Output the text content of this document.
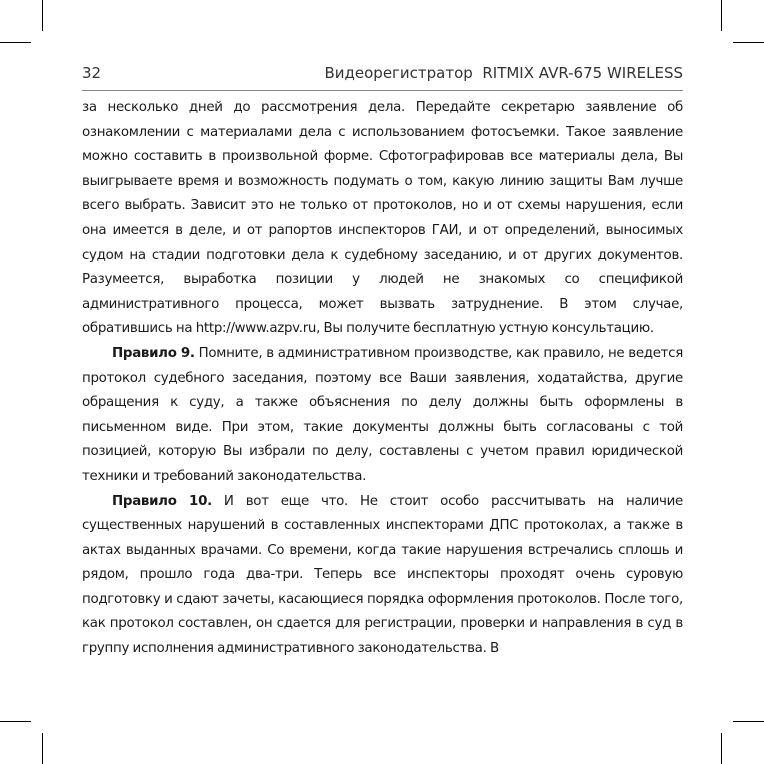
32	Видеорегистратор  RITMIX AVR-675 WIRELESS

за несколько дней до рассмотрения дела. Передайте секретарю заявление об ознакомлении с материалами дела с использованием фотосъемки. Такое заявление можно составить в произвольной форме. Сфотографировав все материалы дела, Вы выигрываете время и возможность подумать о том, какую линию защиты Вам лучше всего выбрать. Зависит это не только от протоколов, но и от схемы нарушения, если она имеется в деле, и от рапортов инспекторов ГАИ, и от определений, выносимых судом на стадии подготовки дела к судебному заседанию, и от других документов. Разумеется, выработка позиции у людей не знакомых со спецификой административного процесса, может вызвать затруднение. В этом случае, обратившись на http://www.azpv.ru, Вы получите бесплатную устную консультацию.

Правило 9. Помните, в административном производстве, как правило, не ведется протокол судебного заседания, поэтому все Ваши заявления, ходатайства, другие обращения к суду, а также объяснения по делу должны быть оформлены в письменном виде. При этом, такие документы должны быть согласованы с той позицией, которую Вы избрали по делу, составлены с учетом правил юридической техники и требований законодательства.

Правило 10. И вот еще что. Не стоит особо рассчитывать на наличие существенных нарушений в составленных инспекторами ДПС протоколах, а также в актах выданных врачами. Со времени, когда такие нарушения встречались сплошь и рядом, прошло года два-три. Теперь все инспекторы проходят очень суровую подготовку и сдают зачеты, касающиеся порядка оформления протоколов. После того, как протокол составлен, он сдается для регистрации, проверки и направления в суд в группу исполнения административного законодательства. В
